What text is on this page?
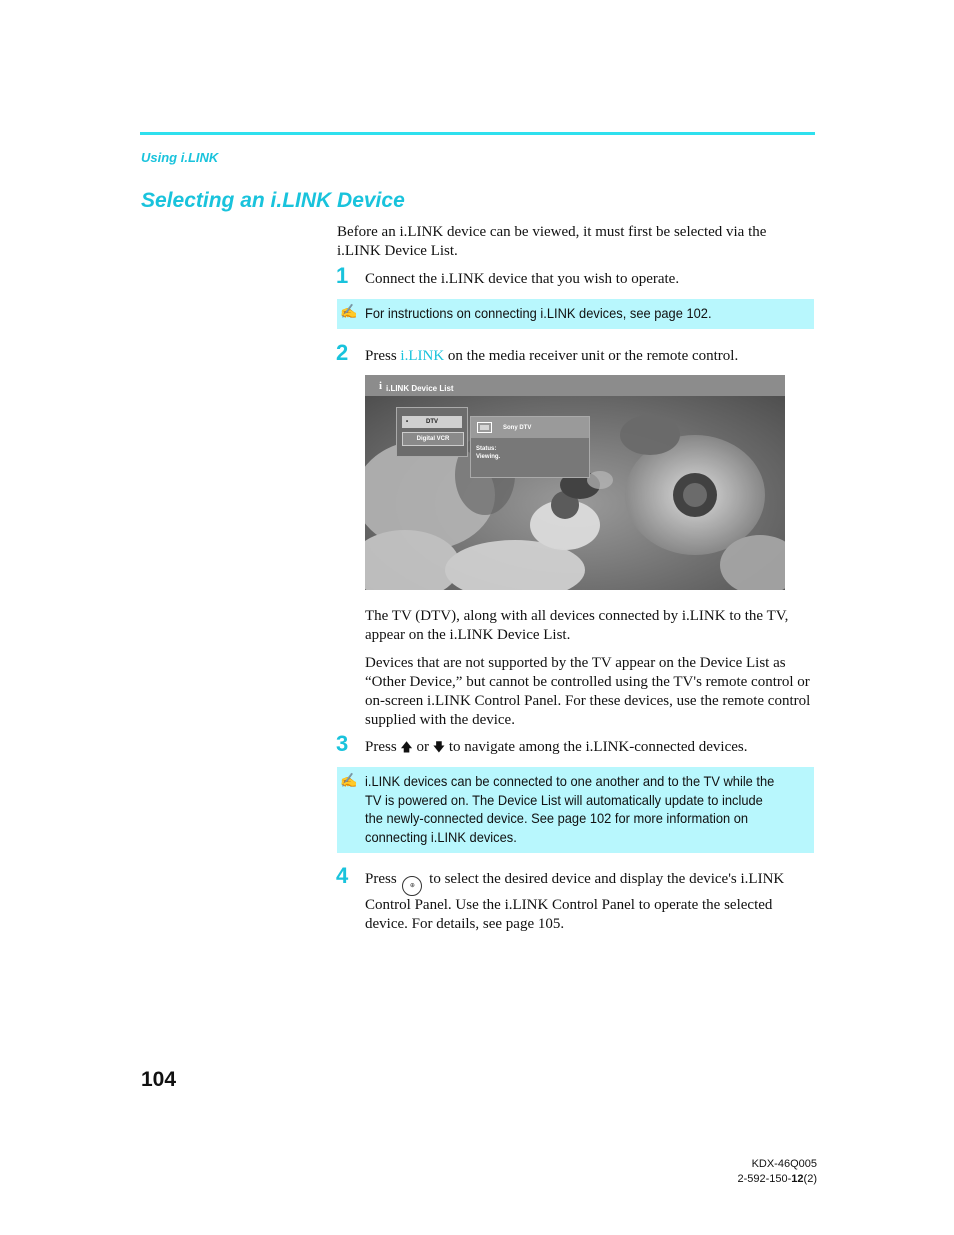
Using i.LINK
Selecting an i.LINK Device

Before an i.LINK device can be viewed, it must first be selected via the i.LINK Device List.

1 Connect the i.LINK device that you wish to operate.

✍ For instructions on connecting i.LINK devices, see page 102.
2 Press i.LINK on the media receiver unit or the remote control.

i i.LINK Device List
•	DTV
Digital VCR
Sony DTV
Status:
Viewing.

The TV (DTV), along with all devices connected by i.LINK to the TV, appear on the i.LINK Device List.

Devices that are not supported by the TV appear on the Device List as “Other Device,” but cannot be controlled using the TV's remote control or on-screen i.LINK Control Panel. For these devices, use the remote control supplied with the device.

3 Press 🡅 or 🡇 to navigate among the i.LINK-connected devices.

✍ i.LINK devices can be connected to one another and to the TV while the
TV is powered on. The Device List will automatically update to include
the newly-connected device. See page 102 for more information on
connecting i.LINK devices.
4 Press ⊕ to select the desired device and display the device's i.LINK Control Panel. Use the i.LINK Control Panel to operate the selected device. For details, see page 105.

104
KDX-46Q005
2-592-150-12(2)
